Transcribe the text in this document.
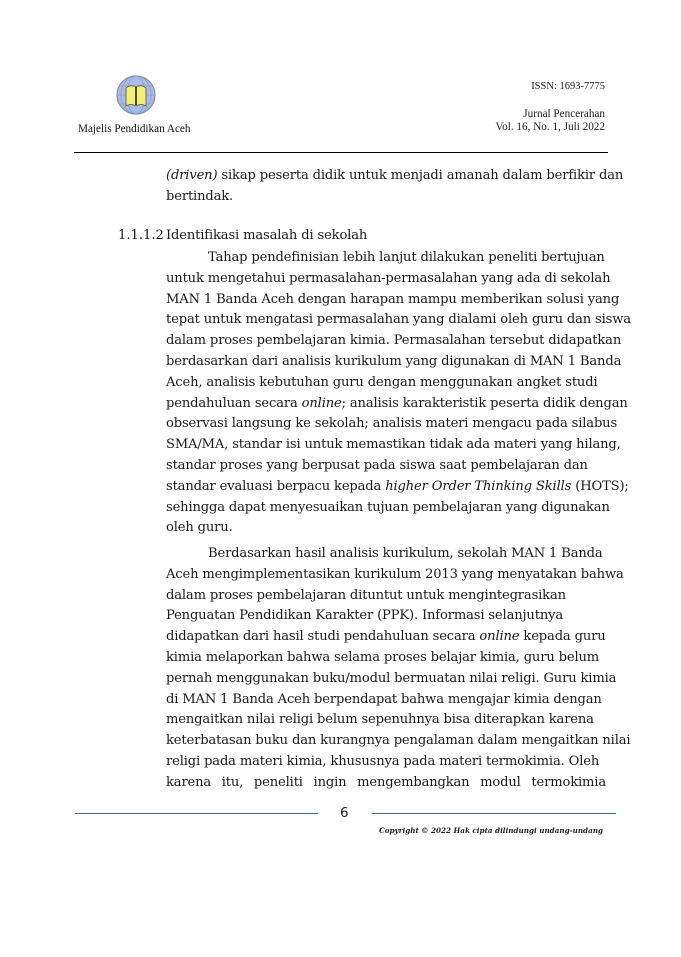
Majelis Pendidikan Aceh
ISSN: 1693-7775
Jurnal Pencerahan
Vol. 16, No. 1, Juli 2022
(driven) sikap peserta didik untuk menjadi amanah dalam berfikir dan
bertindak.
1.1.1.2 Identifikasi masalah di sekolah
Tahap pendefinisian lebih lanjut dilakukan peneliti bertujuan
untuk mengetahui permasalahan-permasalahan yang ada di sekolah
MAN 1 Banda Aceh dengan harapan mampu memberikan solusi yang
tepat untuk mengatasi permasalahan yang dialami oleh guru dan siswa
dalam proses pembelajaran kimia. Permasalahan tersebut didapatkan
berdasarkan dari analisis kurikulum yang digunakan di MAN 1 Banda
Aceh, analisis kebutuhan guru dengan menggunakan angket studi
pendahuluan secara online; analisis karakteristik peserta didik dengan
observasi langsung ke sekolah; analisis materi mengacu pada silabus
SMA/MA, standar isi untuk memastikan tidak ada materi yang hilang,
standar proses yang berpusat pada siswa saat pembelajaran dan
standar evaluasi berpacu kepada higher Order Thinking Skills (HOTS);
sehingga dapat menyesuaikan tujuan pembelajaran yang digunakan
oleh guru.
Berdasarkan hasil analisis kurikulum, sekolah MAN 1 Banda
Aceh mengimplementasikan kurikulum 2013 yang menyatakan bahwa
dalam proses pembelajaran dituntut untuk mengintegrasikan
Penguatan Pendidikan Karakter (PPK). Informasi selanjutnya
didapatkan dari hasil studi pendahuluan secara online kepada guru
kimia melaporkan bahwa selama proses belajar kimia, guru belum
pernah menggunakan buku/modul bermuatan nilai religi. Guru kimia
di MAN 1 Banda Aceh berpendapat bahwa mengajar kimia dengan
mengaitkan nilai religi belum sepenuhnya bisa diterapkan karena
keterbatasan buku dan kurangnya pengalaman dalam mengaitkan nilai
religi pada materi kimia, khususnya pada materi termokimia. Oleh
karena itu, peneliti ingin mengembangkan modul termokimia
6
Copyright © 2022 Hak cipta dilindungi undang-undang
